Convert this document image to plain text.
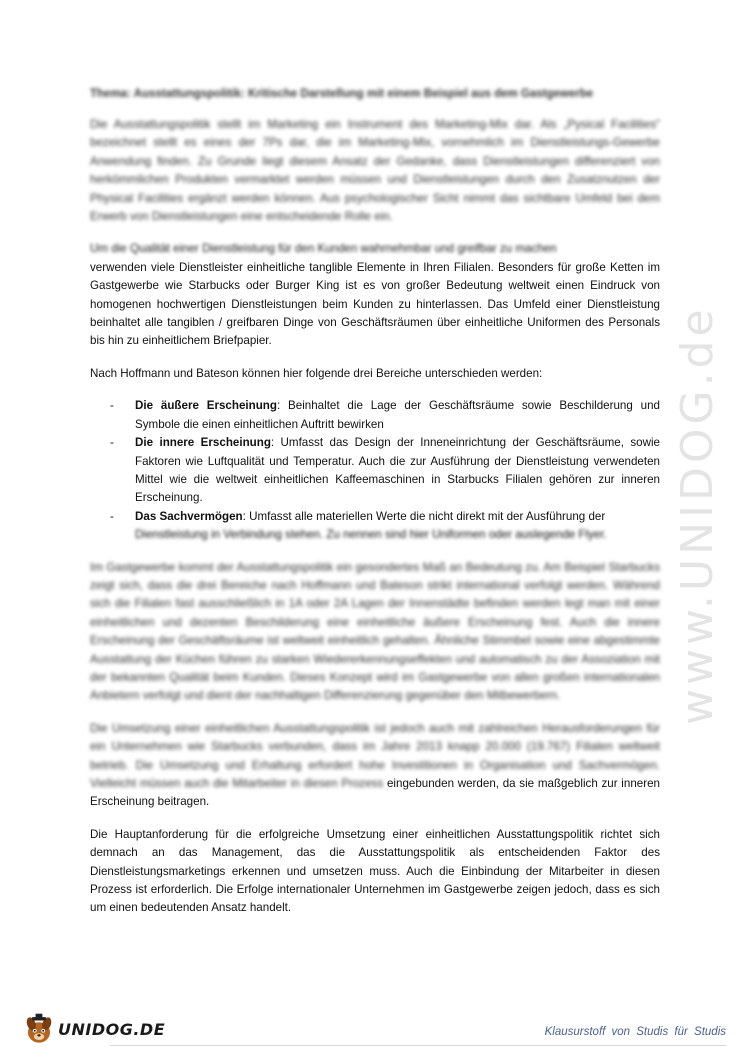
Thema: Ausstattungspolitik: Kritische Darstellung mit einem Beispiel aus dem Gastgewerbe

Die Ausstattungspolitik stellt im Marketing ein Instrument des Marketing-Mix dar. Als „Pysical Facilities“ bezeichnet stellt es eines der 7Ps dar, die im Marketing-Mix, vornehmlich im Dienstleistungs-Gewerbe Anwendung finden. Zu Grunde liegt diesem Ansatz der Gedanke, dass Dienstleistungen differenziert von herkömmlichen Produkten vermarktet werden müssen und Dienstleistungen durch den Zusatznutzen der Physical Facilities ergänzt werden können. Aus psychologischer Sicht nimmt das sichtbare Umfeld bei dem Erwerb von Dienstleistungen eine entscheidende Rolle ein.

Um die Qualität einer Dienstleistung für den Kunden wahrnehmbar und greifbar zu machen
verwenden viele Dienstleister einheitliche tanglible Elemente in Ihren Filialen. Besonders für große Ketten im Gastgewerbe wie Starbucks oder Burger King ist es von großer Bedeutung weltweit einen Eindruck von homogenen hochwertigen Dienstleistungen beim Kunden zu hinterlassen. Das Umfeld einer Dienstleistung beinhaltet alle tangiblen / greifbaren Dinge von Geschäftsräumen über einheitliche Uniformen des Personals bis hin zu einheitlichem Briefpapier.

Nach Hoffmann und Bateson können hier folgende drei Bereiche unterschieden werden:

- Die äußere Erscheinung: Beinhaltet die Lage der Geschäftsräume sowie Beschilderung und Symbole die einen einheitlichen Auftritt bewirken
- Die innere Erscheinung: Umfasst das Design der Inneneinrichtung der Geschäftsräume, sowie Faktoren wie Luftqualität und Temperatur. Auch die zur Ausführung der Dienstleistung verwendeten Mittel wie die weltweit einheitlichen Kaffeemaschinen in Starbucks Filialen gehören zur inneren Erscheinung.
- Das Sachvermögen: Umfasst alle materiellen Werte die nicht direkt mit der Ausführung der
Dienstleistung in Verbindung stehen. Zu nennen sind hier Uniformen oder auslegende Flyer.

Im Gastgewerbe kommt der Ausstattungspolitik ein gesondertes Maß an Bedeutung zu. Am Beispiel Starbucks zeigt sich, dass die drei Bereiche nach Hoffmann und Bateson strikt international verfolgt werden. Während sich die Filialen fast ausschließlich in 1A oder 2A Lagen der Innenstädte befinden werden legt man mit einer einheitlichen und dezenten Beschilderung eine einheitliche äußere Erscheinung fest. Auch die innere Erscheinung der Geschäftsräume ist weltweit einheitlich gehalten. Ähnliche Stimmbel sowie eine abgestimmte Ausstattung der Küchen führen zu starken Wiedererkennungseffekten und automatisch zu der Assoziation mit der bekannten Qualität beim Kunden. Dieses Konzept wird im Gastgewerbe von allen großen internationalen Anbietern verfolgt und dient der nachhaltigen Differenzierung gegenüber den Mitbewerbern.

Die Umsetzung einer einheitlichen Ausstattungspolitik ist jedoch auch mit zahlreichen Herausforderungen für ein Unternehmen wie Starbucks verbunden, dass im Jahre 2013 knapp 20.000 (19.767) Filialen weltweit betrieb. Die Umsetzung und Erhaltung erfordert hohe Investitionen in Organisation und Sachvermögen. Vielleicht müssen auch die Mitarbeiter in diesen Prozess eingebunden werden, da sie maßgeblich zur inneren Erscheinung beitragen.

Die Hauptanforderung für die erfolgreiche Umsetzung einer einheitlichen Ausstattungspolitik richtet sich demnach an das Management, das die Ausstattungspolitik als entscheidenden Faktor des Dienstleistungsmarketings erkennen und umsetzen muss. Auch die Einbindung der Mitarbeiter in diesen Prozess ist erforderlich. Die Erfolge internationaler Unternehmen im Gastgewerbe zeigen jedoch, dass es sich um einen bedeutenden Ansatz handelt.

www.UNIDOG.de
UNIDOG.DE	Klausurstoff von Studis für Studis
